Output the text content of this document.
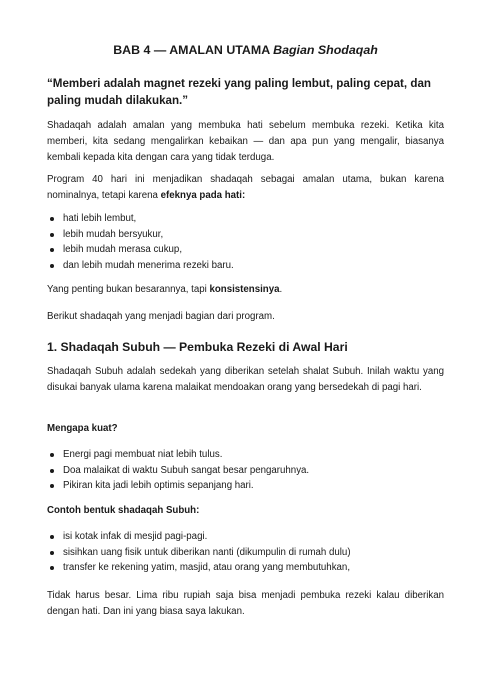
BAB 4 — AMALAN UTAMA Bagian Shodaqah

“Memberi adalah magnet rezeki yang paling lembut, paling cepat, dan paling mudah dilakukan.”

Shadaqah adalah amalan yang membuka hati sebelum membuka rezeki. Ketika kita memberi, kita sedang mengalirkan kebaikan — dan apa pun yang mengalir, biasanya kembali kepada kita dengan cara yang tidak terduga.

Program 40 hari ini menjadikan shadaqah sebagai amalan utama, bukan karena nominalnya, tetapi karena efeknya pada hati:

hati lebih lembut,
lebih mudah bersyukur,
lebih mudah merasa cukup,
dan lebih mudah menerima rezeki baru.

Yang penting bukan besarannya, tapi konsistensinya.

Berikut shadaqah yang menjadi bagian dari program.

1. Shadaqah Subuh — Pembuka Rezeki di Awal Hari

Shadaqah Subuh adalah sedekah yang diberikan setelah shalat Subuh. Inilah waktu yang disukai banyak ulama karena malaikat mendoakan orang yang bersedekah di pagi hari.

Mengapa kuat?

Energi pagi membuat niat lebih tulus.
Doa malaikat di waktu Subuh sangat besar pengaruhnya.
Pikiran kita jadi lebih optimis sepanjang hari.

Contoh bentuk shadaqah Subuh:

isi kotak infak di mesjid pagi-pagi.
sisihkan uang fisik untuk diberikan nanti (dikumpulin di rumah dulu)
transfer ke rekening yatim, masjid, atau orang yang membutuhkan,

Tidak harus besar. Lima ribu rupiah saja bisa menjadi pembuka rezeki kalau diberikan dengan hati. Dan ini yang biasa saya lakukan.
